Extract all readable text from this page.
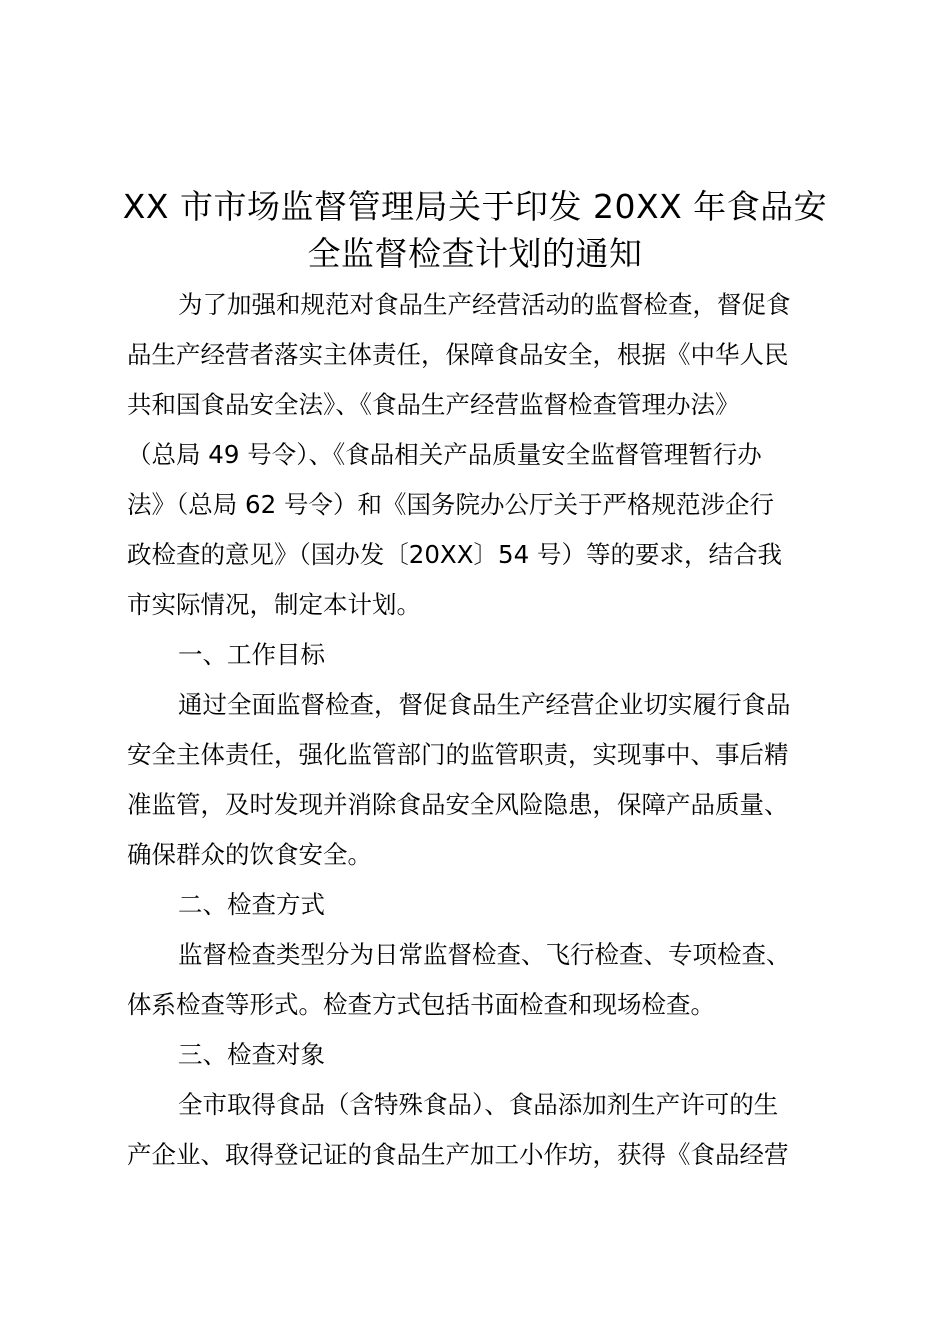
XX 市市场监督管理局关于印发 20XX 年食品安
全监督检查计划的通知
为了加强和规范对食品生产经营活动的监督检查，督促食
品生产经营者落实主体责任，保障食品安全，根据《中华人民
共和国食品安全法》、《食品生产经营监督检查管理办法》
（总局 49 号令）、《食品相关产品质量安全监督管理暂行办
法》（总局 62 号令）和《国务院办公厅关于严格规范涉企行
政检查的意见》（国办发〔20XX〕54 号）等的要求，结合我
市实际情况，制定本计划。
一、工作目标
通过全面监督检查，督促食品生产经营企业切实履行食品
安全主体责任，强化监管部门的监管职责，实现事中、事后精
准监管，及时发现并消除食品安全风险隐患，保障产品质量、
确保群众的饮食安全。
二、检查方式
监督检查类型分为日常监督检查、飞行检查、专项检查、
体系检查等形式。检查方式包括书面检查和现场检查。
三、检查对象
全市取得食品（含特殊食品）、食品添加剂生产许可的生
产企业、取得登记证的食品生产加工小作坊，获得《食品经营
